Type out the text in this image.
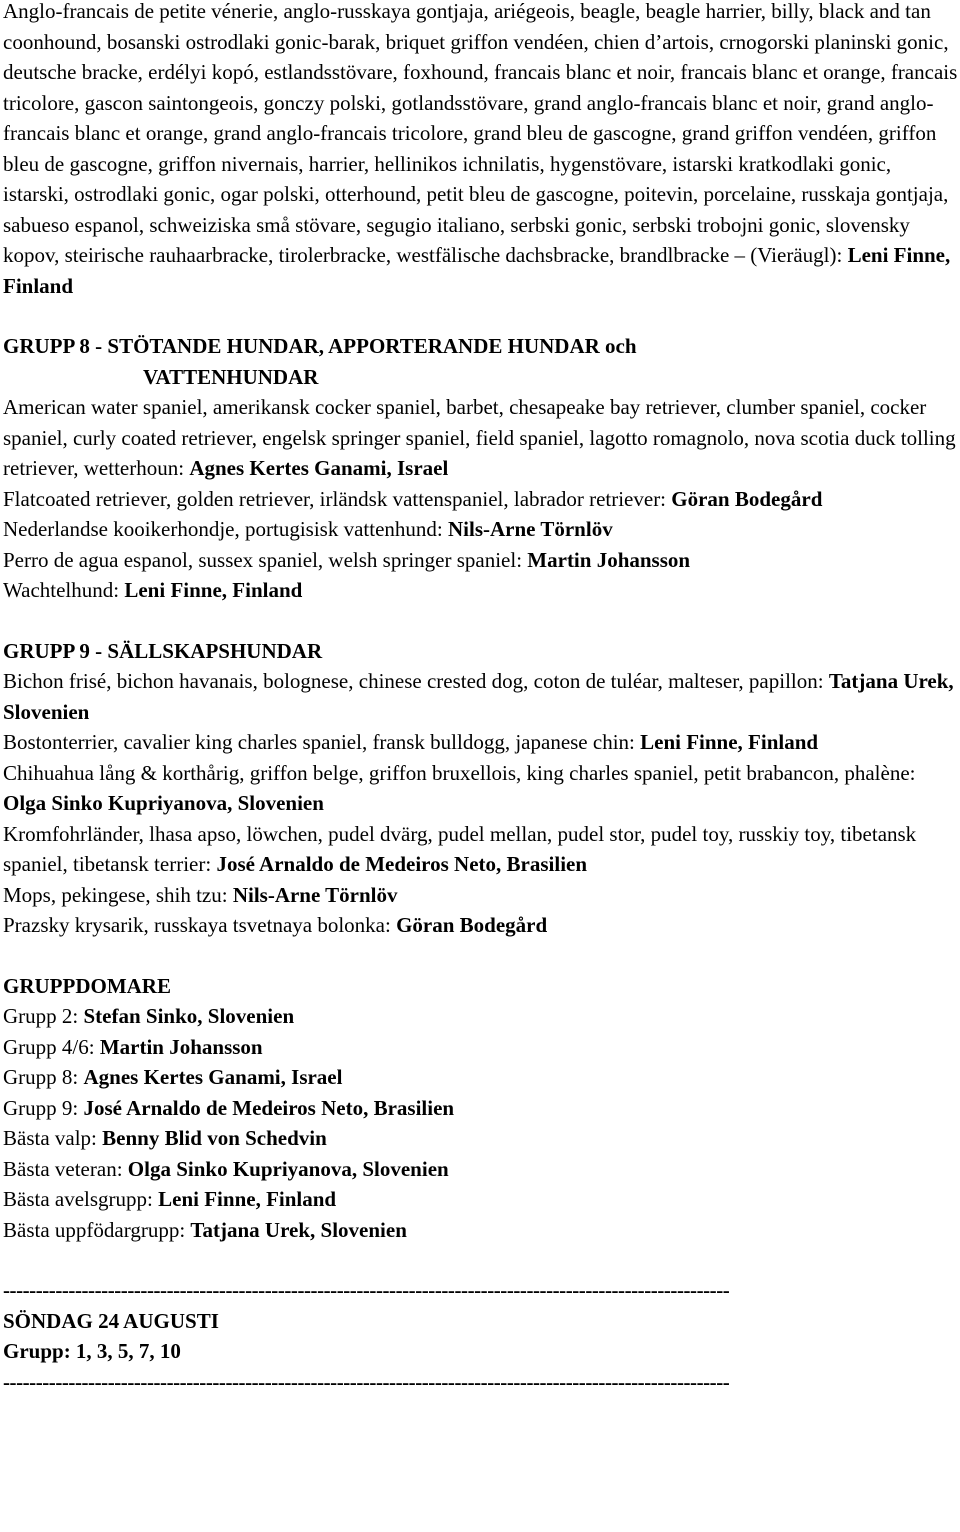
Anglo-francais de petite vénerie, anglo-russkaya gontjaja, ariégeois, beagle, beagle harrier, billy, black and tan coonhound, bosanski ostrodlaki gonic-barak, briquet griffon vendéen, chien d’artois, crnogorski planinski gonic, deutsche bracke, erdélyi kopó, estlandsstövare, foxhound, francais blanc et noir, francais blanc et orange, francais tricolore, gascon saintongeois, gonczy polski, gotlandsstövare, grand anglo-francais blanc et noir, grand anglo-francais blanc et orange, grand anglo-francais tricolore, grand bleu de gascogne, grand griffon vendéen, griffon bleu de gascogne, griffon nivernais, harrier, hellinikos ichnilatis, hygenstövare, istarski kratkodlaki gonic, istarski, ostrodlaki gonic, ogar polski, otterhound, petit bleu de gascogne, poitevin, porcelaine, russkaja gontjaja, sabueso espanol, schweiziska små stövare, segugio italiano, serbski gonic, serbski trobojni gonic, slovensky kopov, steirische rauhaarbracke, tirolerbracke, westfälische dachsbracke, brandlbracke – (Vieräugl): Leni Finne, Finland

GRUPP 8 - STÖTANDE HUNDAR, APPORTERANDE HUNDAR och

VATTENHUNDAR

American water spaniel, amerikansk cocker spaniel, barbet, chesapeake bay retriever, clumber spaniel, cocker spaniel, curly coated retriever, engelsk springer spaniel, field spaniel, lagotto romagnolo, nova scotia duck tolling retriever, wetterhoun: Agnes Kertes Ganami, Israel

Flatcoated retriever, golden retriever, irländsk vattenspaniel, labrador retriever: Göran Bodegård

Nederlandse kooikerhondje, portugisisk vattenhund: Nils-Arne Törnlöv

Perro de agua espanol, sussex spaniel, welsh springer spaniel: Martin Johansson

Wachtelhund: Leni Finne, Finland

GRUPP 9 - SÄLLSKAPSHUNDAR

Bichon frisé, bichon havanais, bolognese, chinese crested dog, coton de tuléar, malteser, papillon: Tatjana Urek, Slovenien

Bostonterrier, cavalier king charles spaniel, fransk bulldogg, japanese chin: Leni Finne, Finland

Chihuahua lång & korthårig, griffon belge, griffon bruxellois, king charles spaniel, petit brabancon, phalène: Olga Sinko Kupriyanova, Slovenien

Kromfohrländer, lhasa apso, löwchen, pudel dvärg, pudel mellan, pudel stor, pudel toy, russkiy toy, tibetansk spaniel, tibetansk terrier: José Arnaldo de Medeiros Neto, Brasilien

Mops, pekingese, shih tzu: Nils-Arne Törnlöv

Prazsky krysarik, russkaya tsvetnaya bolonka: Göran Bodegård

GRUPPDOMARE

Grupp 2: Stefan Sinko, Slovenien

Grupp 4/6: Martin Johansson

Grupp 8: Agnes Kertes Ganami, Israel

Grupp 9: José Arnaldo de Medeiros Neto, Brasilien

Bästa valp: Benny Blid von Schedvin

Bästa veteran: Olga Sinko Kupriyanova, Slovenien

Bästa avelsgrupp: Leni Finne, Finland

Bästa uppfödargrupp: Tatjana Urek, Slovenien

---------------------------------------------------------------------------------------------------------------

SÖNDAG 24 AUGUSTI

Grupp: 1, 3, 5, 7, 10

---------------------------------------------------------------------------------------------------------------
